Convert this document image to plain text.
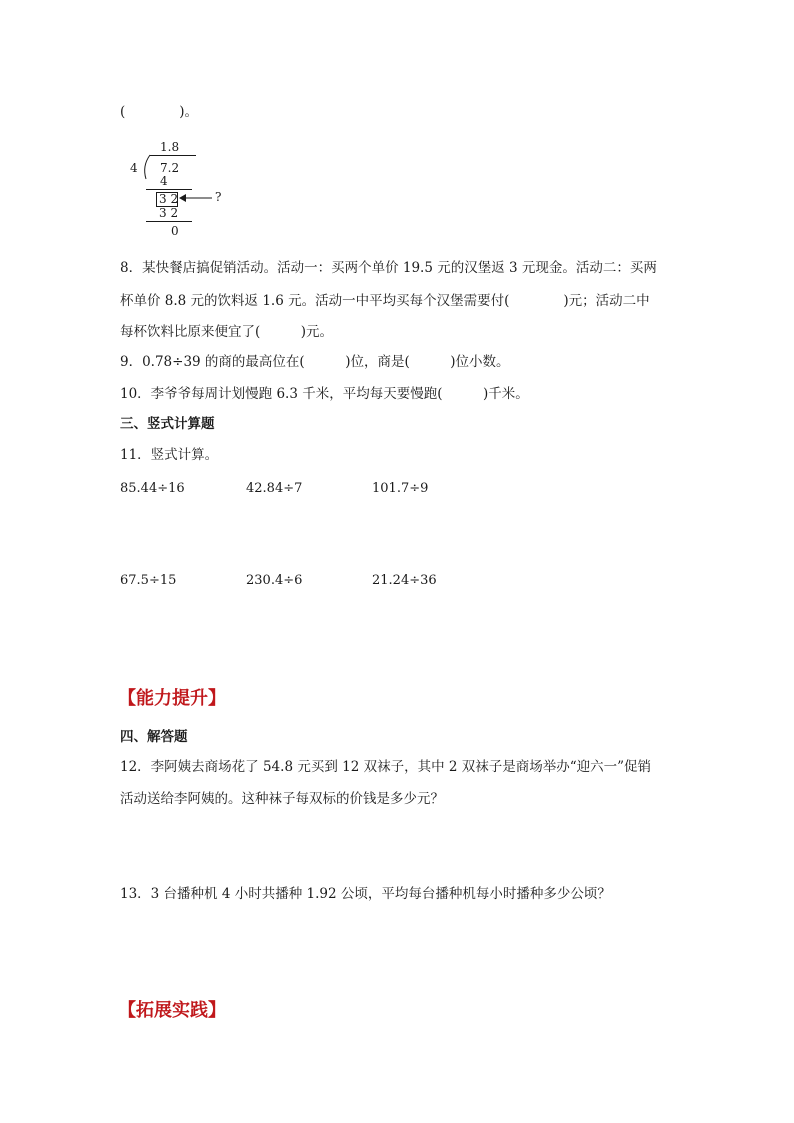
(　　　　)。
1.8
4 7.2
4
3 2	?
3 2
0
8．某快餐店搞促销活动。活动一：买两个单价 19.5 元的汉堡返 3 元现金。活动二：买两
杯单价 8.8 元的饮料返 1.6 元。活动一中平均买每个汉堡需要付(　　　　)元；活动二中
每杯饮料比原来便宜了(　　　)元。
9．0.78÷39 的商的最高位在(　　　)位，商是(　　　)位小数。
10．李爷爷每周计划慢跑 6.3 千米，平均每天要慢跑(　　　)千米。
三、竖式计算题
11．竖式计算。
85.44÷16	42.84÷7	101.7÷9
67.5÷15	230.4÷6	21.24÷36
【能力提升】
四、解答题
12．李阿姨去商场花了 54.8 元买到 12 双袜子，其中 2 双袜子是商场举办“迎六一”促销
活动送给李阿姨的。这种袜子每双标的价钱是多少元？
13．3 台播种机 4 小时共播种 1.92 公顷，平均每台播种机每小时播种多少公顷？
【拓展实践】
